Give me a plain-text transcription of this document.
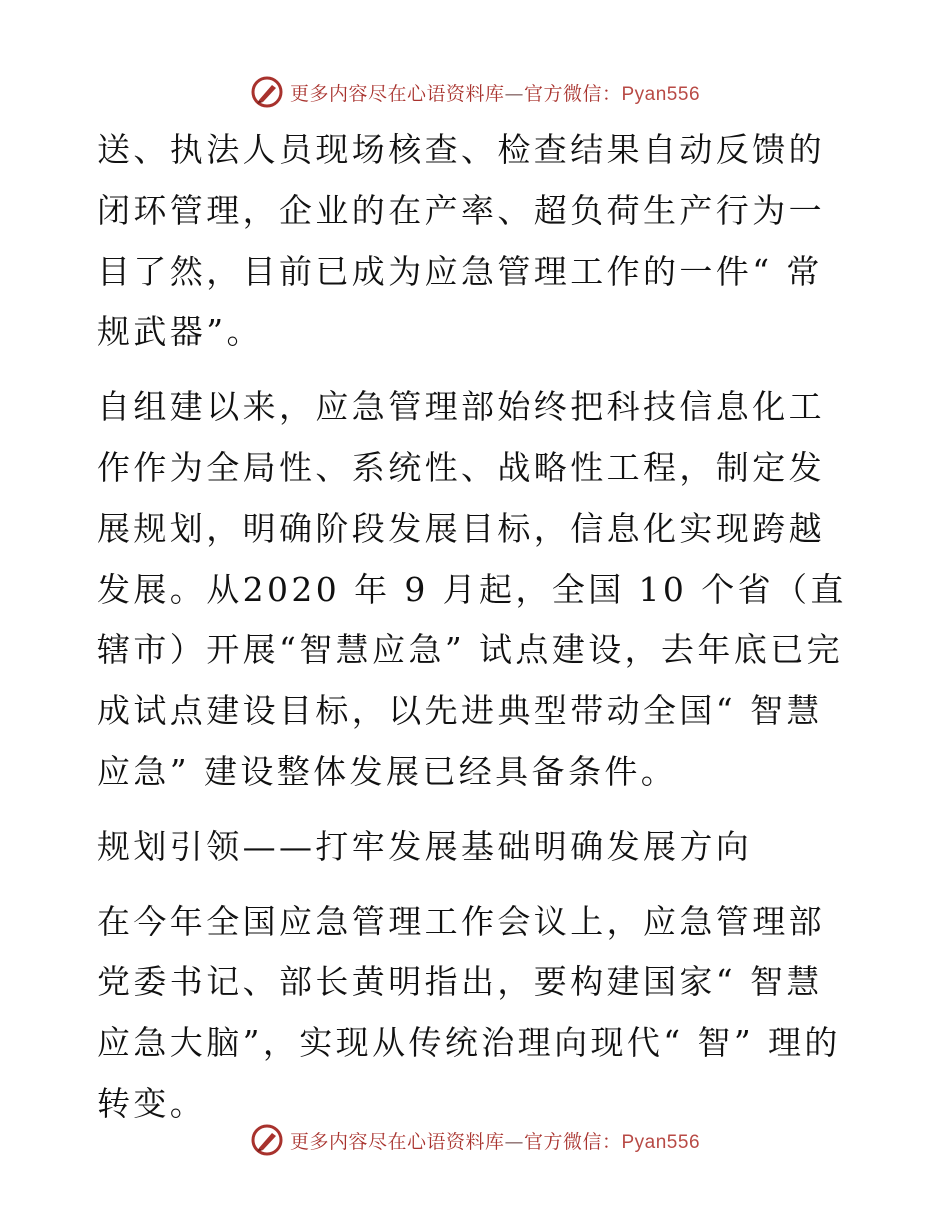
更多内容尽在心语资料库—官方微信：Pyan556

送、执法人员现场核查、检查结果自动反馈的闭环管理，企业的在产率、超负荷生产行为一目了然，目前已成为应急管理工作的一件“ 常规武器”。

自组建以来，应急管理部始终把科技信息化工作作为全局性、系统性、战略性工程，制定发展规划，明确阶段发展目标，信息化实现跨越发展。从2020 年 9 月起，全国 10 个省（直辖市）开展“智慧应急” 试点建设，去年底已完成试点建设目标，以先进典型带动全国“ 智慧应急” 建设整体发展已经具备条件。

规划引领——打牢发展基础明确发展方向

在今年全国应急管理工作会议上，应急管理部党委书记、部长黄明指出，要构建国家“ 智慧应急大脑”，实现从传统治理向现代“ 智” 理的转变。

更多内容尽在心语资料库—官方微信：Pyan556
